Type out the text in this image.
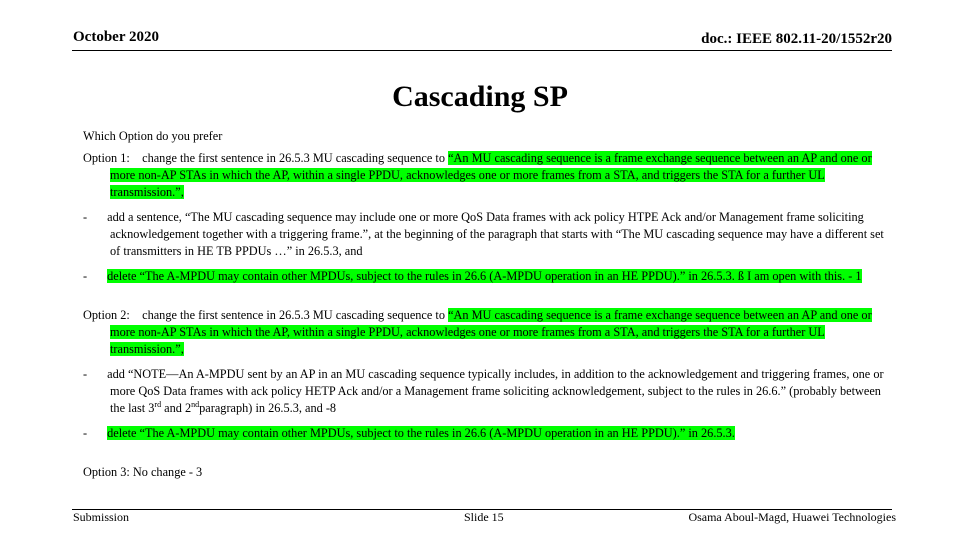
October 2020	doc.: IEEE 802.11-20/1552r20
Cascading SP

Which Option do you prefer

Option 1: change the first sentence in 26.5.3 MU cascading sequence to “An MU cascading sequence is a frame exchange sequence between an AP and one or more non-AP STAs in which the AP, within a single PPDU, acknowledges one or more frames from a STA, and triggers the STA for a further UL transmission.”,

- add a sentence, “The MU cascading sequence may include one or more QoS Data frames with ack policy HTPE Ack and/or Management frame soliciting acknowledgement together with a triggering frame.”, at the beginning of the paragraph that starts with “The MU cascading sequence may have a different set of transmitters in HE TB PPDUs …” in 26.5.3, and

- delete “The A-MPDU may contain other MPDUs, subject to the rules in 26.6 (A-MPDU operation in an HE PPDU).” in 26.5.3. ß I am open with this. - 1

Option 2: change the first sentence in 26.5.3 MU cascading sequence to “An MU cascading sequence is a frame exchange sequence between an AP and one or more non-AP STAs in which the AP, within a single PPDU, acknowledges one or more frames from a STA, and triggers the STA for a further UL transmission.”,

- add “NOTE—An A-MPDU sent by an AP in an MU cascading sequence typically includes, in addition to the acknowledgement and triggering frames, one or more QoS Data frames with ack policy HETP Ack and/or a Management frame soliciting acknowledgement, subject to the rules in 26.6.” (probably between the last 3rd and 2ndparagraph) in 26.5.3, and -8

- delete “The A-MPDU may contain other MPDUs, subject to the rules in 26.6 (A-MPDU operation in an HE PPDU).” in 26.5.3.

Option 3: No change - 3

Submission	Slide 15	Osama Aboul-Magd, Huawei Technologies
